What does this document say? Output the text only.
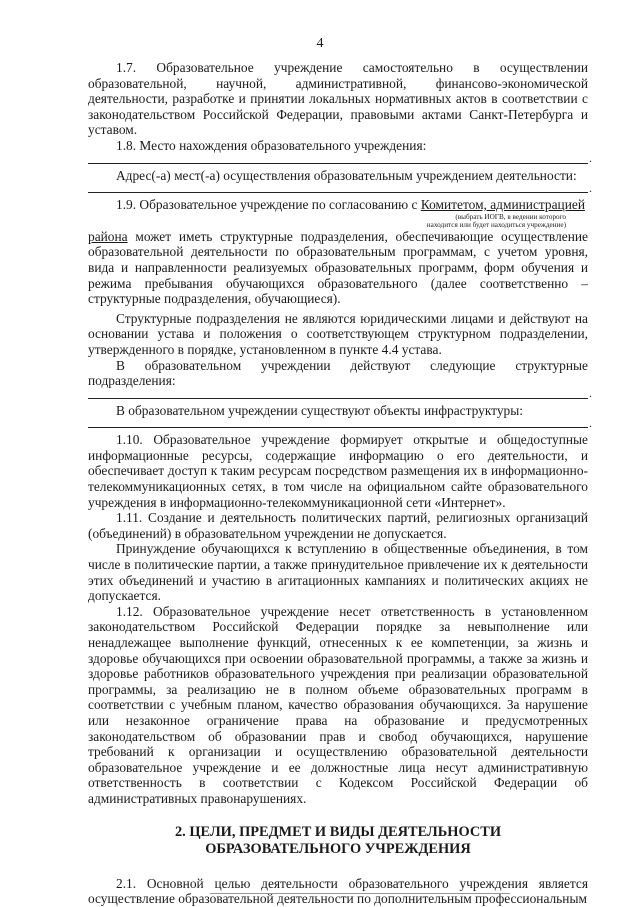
4

1.7. Образовательное учреждение самостоятельно в осуществлении образовательной, научной, административной, финансово-экономической деятельности, разработке и принятии локальных нормативных актов в соответствии с законодательством Российской Федерации, правовыми актами Санкт-Петербурга и уставом.

1.8. Место нахождения образовательного учреждения:

.

Адрес(-а) мест(-а) осуществления образовательным учреждением деятельности:

.

1.9. Образовательное учреждение по согласованию с Комитетом, администрацией

(выбрать ИОГВ, в ведении которого
находится или будет находиться учреждение)

района может иметь структурные подразделения, обеспечивающие осуществление образовательной деятельности по образовательным программам, с учетом уровня, вида и направленности реализуемых образовательных программ, форм обучения и режима пребывания обучающихся образовательного (далее соответственно – структурные подразделения, обучающиеся).

Структурные подразделения не являются юридическими лицами и действуют на основании устава и положения о соответствующем структурном подразделении, утвержденного в порядке, установленном в пункте 4.4 устава.

В образовательном учреждении действуют следующие структурные подразделения:

.

В образовательном учреждении существуют объекты инфраструктуры:

.

1.10. Образовательное учреждение формирует открытые и общедоступные информационные ресурсы, содержащие информацию о его деятельности, и обеспечивает доступ к таким ресурсам посредством размещения их в информационно-телекоммуникационных сетях, в том числе на официальном сайте образовательного учреждения в информационно-телекоммуникационной сети «Интернет».

1.11. Создание и деятельность политических партий, религиозных организаций (объединений) в образовательном учреждении не допускается.

Принуждение обучающихся к вступлению в общественные объединения, в том числе в политические партии, а также принудительное привлечение их к деятельности этих объединений и участию в агитационных кампаниях и политических акциях не допускается.

1.12. Образовательное учреждение несет ответственность в установленном законодательством Российской Федерации порядке за невыполнение или ненадлежащее выполнение функций, отнесенных к ее компетенции, за жизнь и здоровье обучающихся при освоении образовательной программы, а также за жизнь и здоровье работников образовательного учреждения при реализации образовательной программы, за реализацию не в полном объеме образовательных программ в соответствии с учебным планом, качество образования обучающихся. За нарушение или незаконное ограничение права на образование и предусмотренных законодательством об образовании прав и свобод обучающихся, нарушение требований к организации и осуществлению образовательной деятельности образовательное учреждение и ее должностные лица несут административную ответственность в соответствии с Кодексом Российской Федерации об административных правонарушениях.

2. ЦЕЛИ, ПРЕДМЕТ И ВИДЫ ДЕЯТЕЛЬНОСТИ
ОБРАЗОВАТЕЛЬНОГО УЧРЕЖДЕНИЯ

2.1. Основной целью деятельности образовательного учреждения является осуществление образовательной деятельности по дополнительным профессиональным
